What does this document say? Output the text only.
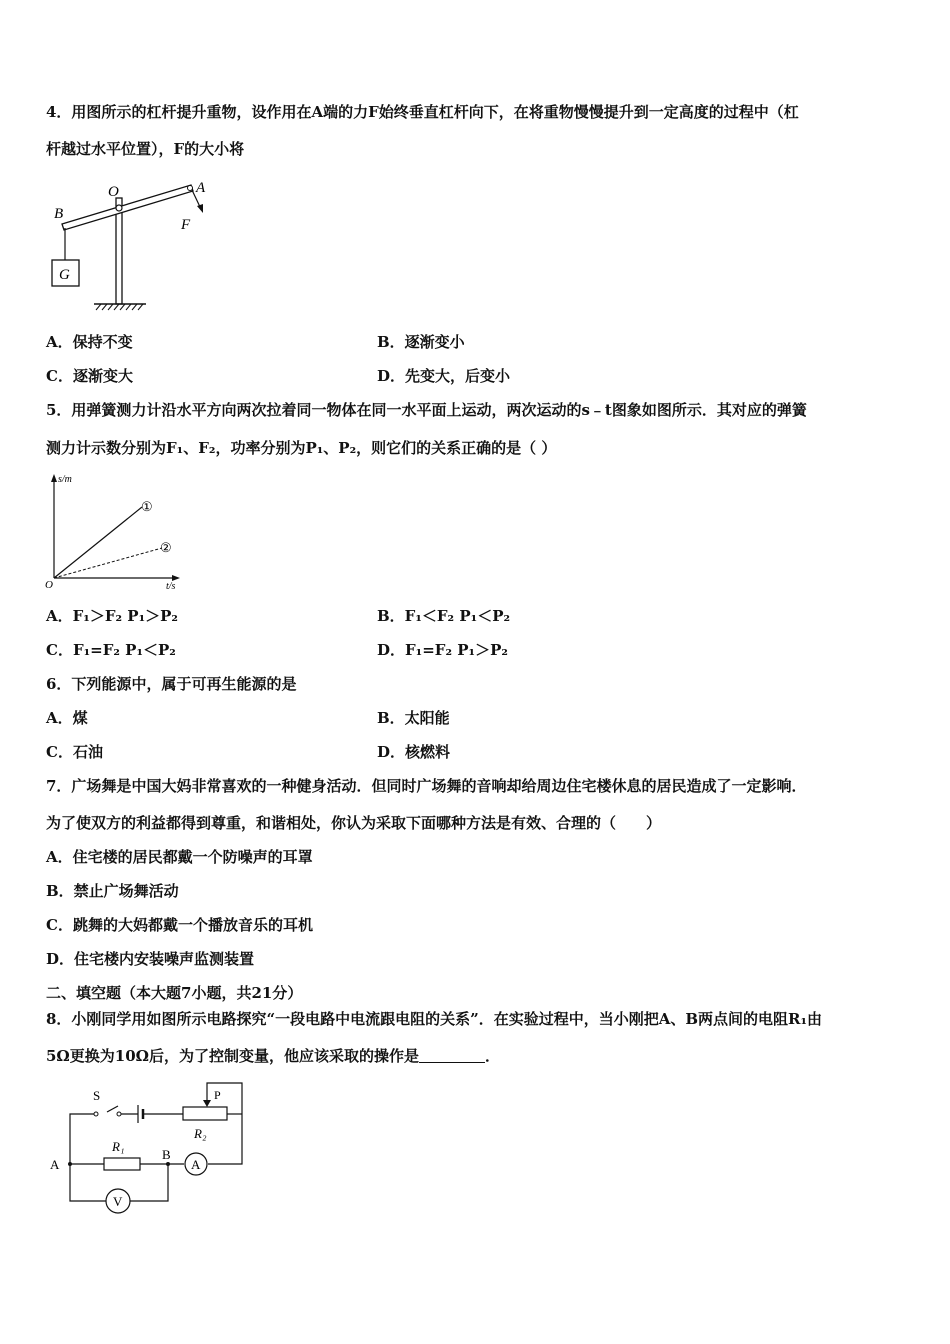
4．用图所示的杠杆提升重物，设作用在A端的力F始终垂直杠杆向下，在将重物慢慢提升到一定高度的过程中（杠
杆越过水平位置），F的大小将
O	A
B
F
G
A．保持不变	B．逐渐变小
C．逐渐变大	D．先变大，后变小
5．用弹簧测力计沿水平方向两次拉着同一物体在同一水平面上运动，两次运动的s﹣t图象如图所示．其对应的弹簧
测力计示数分别为F₁、F₂，功率分别为P₁、P₂，则它们的关系正确的是（ ）
s/m
t/s
O
①
②
A．F₁＞F₂ P₁＞P₂	B．F₁＜F₂ P₁＜P₂
C．F₁=F₂ P₁＜P₂	D．F₁=F₂ P₁＞P₂
6．下列能源中，属于可再生能源的是
A．煤	B．太阳能
C．石油	D．核燃料
7．广场舞是中国大妈非常喜欢的一种健身活动．但同时广场舞的音响却给周边住宅楼休息的居民造成了一定影响．
为了使双方的利益都得到尊重，和谐相处，你认为采取下面哪种方法是有效、合理的（　　）
A．住宅楼的居民都戴一个防噪声的耳罩
B．禁止广场舞活动
C．跳舞的大妈都戴一个播放音乐的耳机
D．住宅楼内安装噪声监测装置
二、填空题（本大题7小题，共21分）
8．小刚同学用如图所示电路探究“一段电路中电流跟电阻的关系”．在实验过程中，当小刚把A、B两点间的电阻R₁由
5Ω更换为10Ω后，为了控制变量，他应该采取的操作是	．
A
V
S	P
R₂
R₁
A
B
